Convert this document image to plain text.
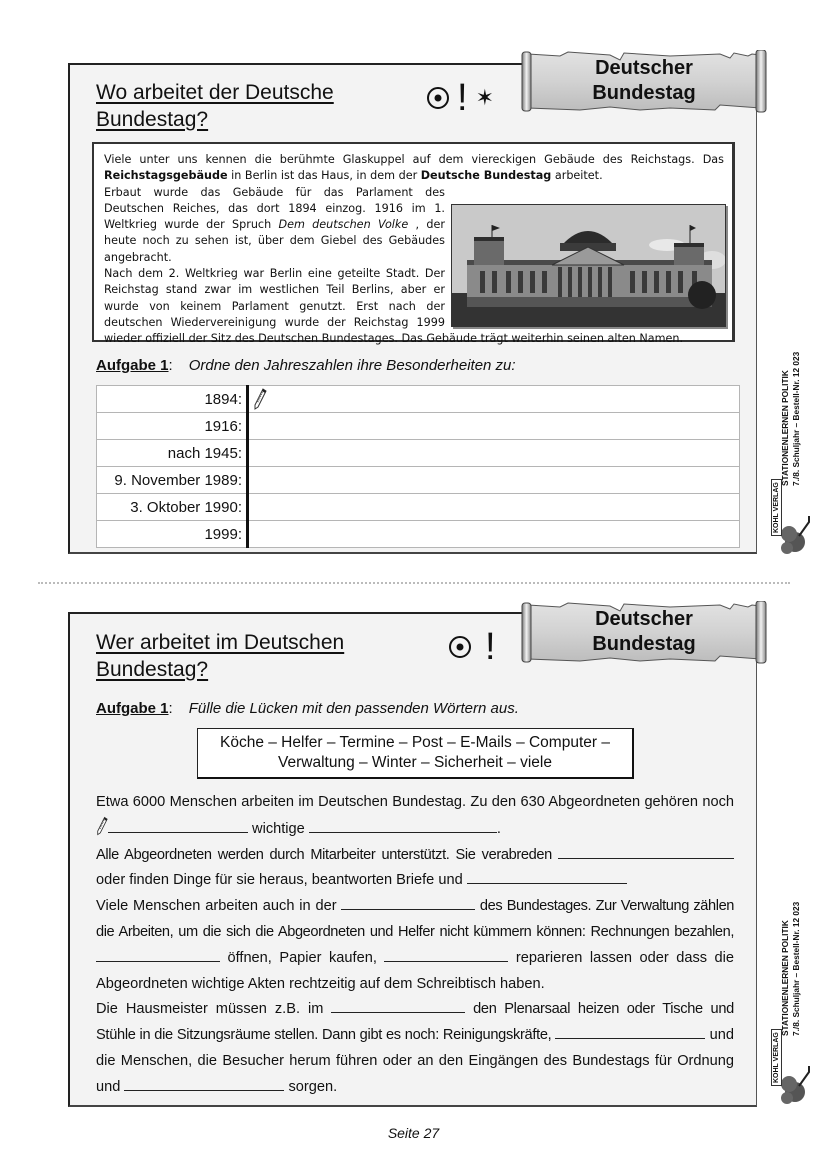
Wo arbeitet der Deutsche Bundestag?
! ✶

Viele unter uns kennen die berühmte Glaskuppel auf dem viereckigen Gebäude des Reichstags. Das Reichstagsgebäude in Berlin ist das Haus, in dem der Deutsche Bundestag arbeitet.

Erbaut wurde das Gebäude für das Parlament des Deutschen Reiches, das dort 1894 einzog. 1916 im 1. Weltkrieg wurde der Spruch Dem deutschen Volke , der heute noch zu sehen ist, über dem Giebel des Gebäudes angebracht.

Nach dem 2. Weltkrieg war Berlin eine geteilte Stadt. Der Reichstag stand zwar im westlichen Teil Berlins, aber er wurde von keinem Parlament genutzt. Erst nach der deutschen Wiedervereinigung wurde der Reichstag 1999 wieder offiziell der Sitz des Deutschen Bundestages. Das Gebäude trägt weiterhin seinen alten Namen.

Aufgabe 1: Ordne den Jahreszahlen ihre Besonderheiten zu:
1894:	
1916:	
nach 1945:	
9. November 1989:	
3. Oktober 1990:	
1999:	
Deutscher
Bundestag
KOHL VERLAG
STATIONENLERNEN POLITIK 7./8. Schuljahr – Bestell-Nr. 12 023
Wer arbeitet im Deutschen Bundestag?
!
Aufgabe 1: Fülle die Lücken mit den passenden Wörtern aus.
Köche – Helfer – Termine – Post – E-Mails – Computer –
Verwaltung – Winter – Sicherheit – viele

Etwa 6000 Menschen arbeiten im Deutschen Bundestag. Zu den 630 Abgeordneten gehören noch  wichtige	.

Alle Abgeordneten werden durch Mitarbeiter unterstützt. Sie verabreden  oder finden Dinge für sie heraus, beantworten Briefe und

Viele Menschen arbeiten auch in der	des Bundestages. Zur Verwaltung zählen die Arbeiten, um die sich die Abgeordneten und Helfer nicht kümmern können: Rechnungen bezahlen,  öffnen, Papier kaufen,	reparieren lassen oder dass die Abgeordneten wichtige Akten rechtzeitig auf dem Schreibtisch haben.

Die Hausmeister müssen z.B. im	den Plenarsaal heizen oder Tische und Stühle in die Sitzungsräume stellen. Dann gibt es noch: Reinigungskräfte,	und die Menschen, die Besucher herum führen oder an den Eingängen des Bundestags für Ordnung und	sorgen.

Deutscher
Bundestag
KOHL VERLAG
STATIONENLERNEN POLITIK 7./8. Schuljahr – Bestell-Nr. 12 023
Seite 27
